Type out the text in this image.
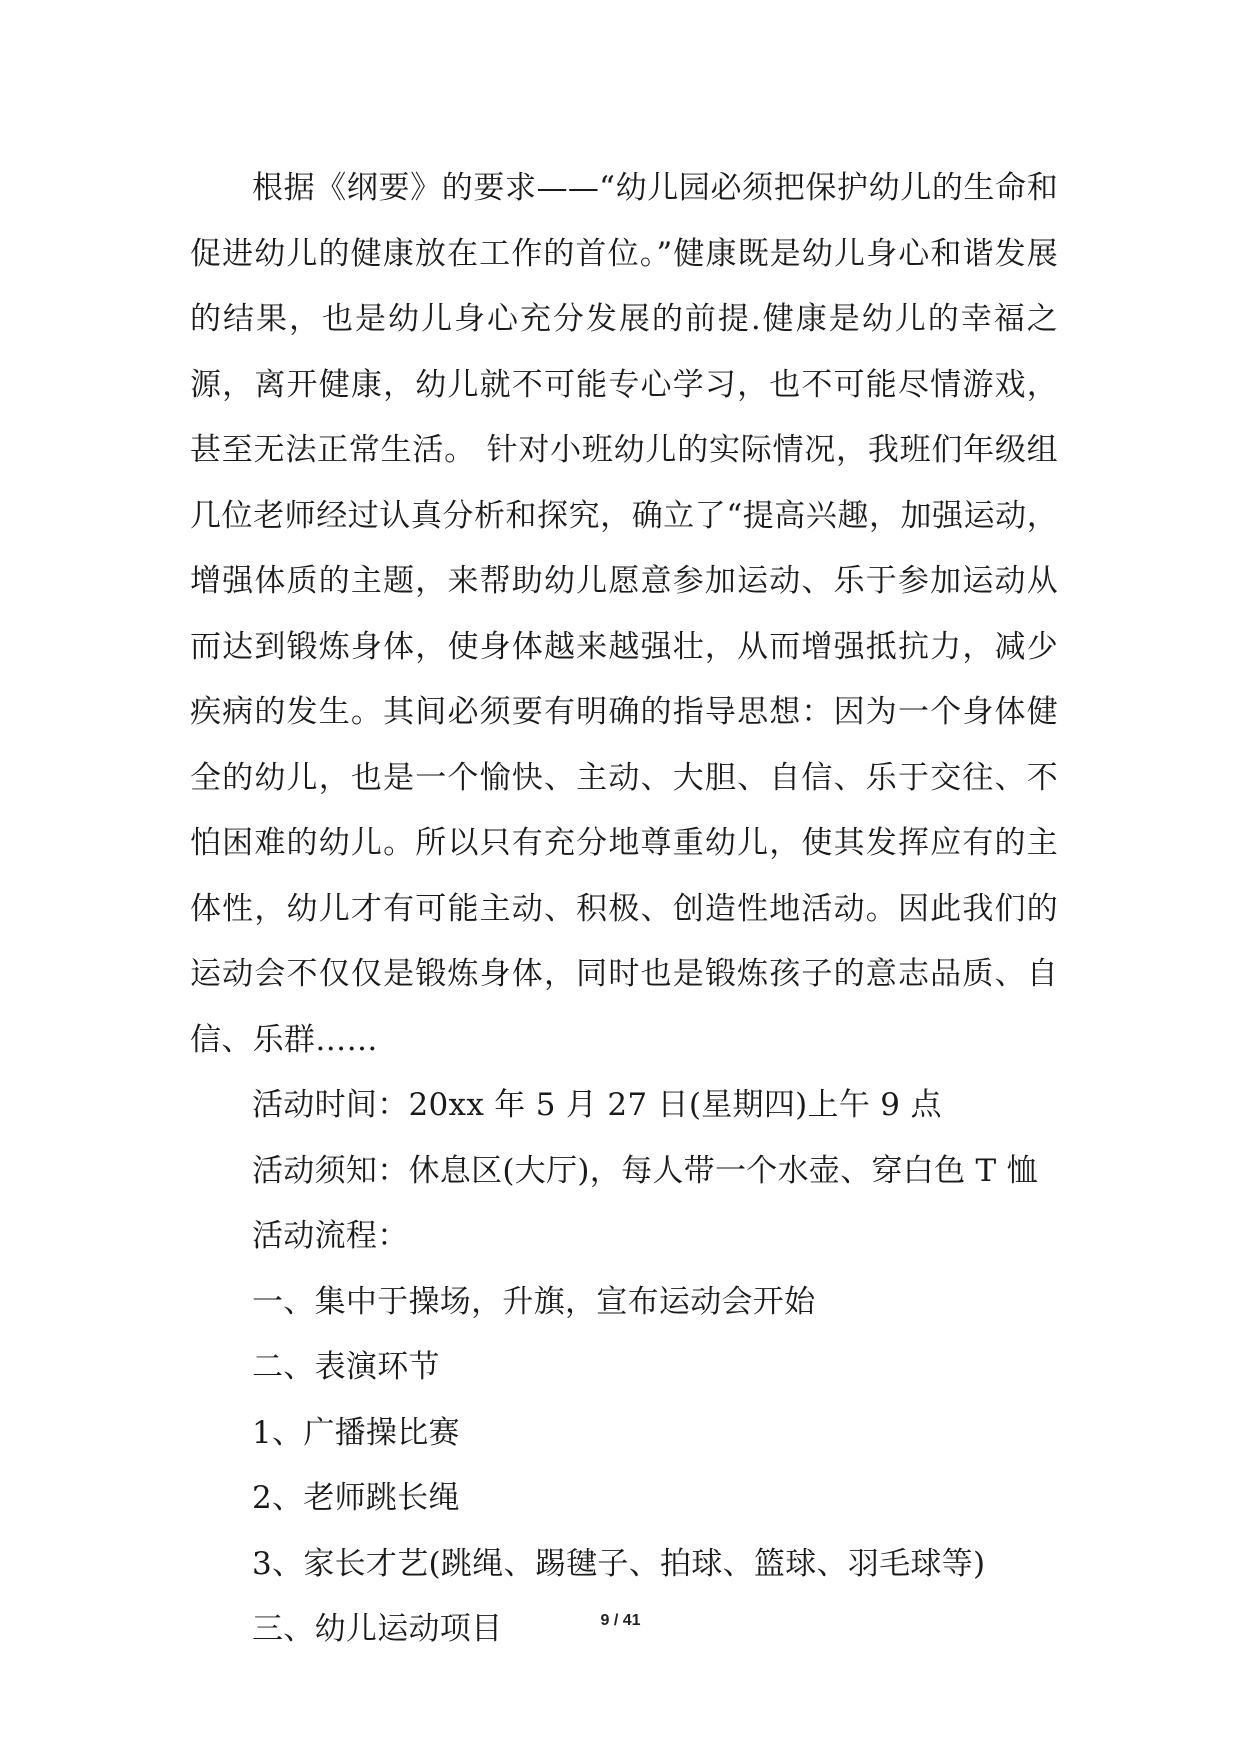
根据《纲要》的要求——“幼儿园必须把保护幼儿的生命和促进幼儿的健康放在工作的首位。”健康既是幼儿身心和谐发展的结果，也是幼儿身心充分发展的前提.健康是幼儿的幸福之源，离开健康，幼儿就不可能专心学习，也不可能尽情游戏，甚至无法正常生活。 针对小班幼儿的实际情况，我班们年级组几位老师经过认真分析和探究，确立了“提高兴趣，加强运动，增强体质的主题，来帮助幼儿愿意参加运动、乐于参加运动从而达到锻炼身体，使身体越来越强壮，从而增强抵抗力，减少疾病的发生。其间必须要有明确的指导思想：因为一个身体健全的幼儿，也是一个愉快、主动、大胆、自信、乐于交往、不怕困难的幼儿。所以只有充分地尊重幼儿，使其发挥应有的主体性，幼儿才有可能主动、积极、创造性地活动。因此我们的运动会不仅仅是锻炼身体，同时也是锻炼孩子的意志品质、自信、乐群……

活动时间：20xx 年 5 月 27 日(星期四)上午 9 点

活动须知：休息区(大厅)，每人带一个水壶、穿白色 T 恤

活动流程：

一、集中于操场，升旗，宣布运动会开始

二、表演环节

1、广播操比赛

2、老师跳长绳

3、家长才艺(跳绳、踢毽子、拍球、篮球、羽毛球等)

三、幼儿运动项目	9 / 41
